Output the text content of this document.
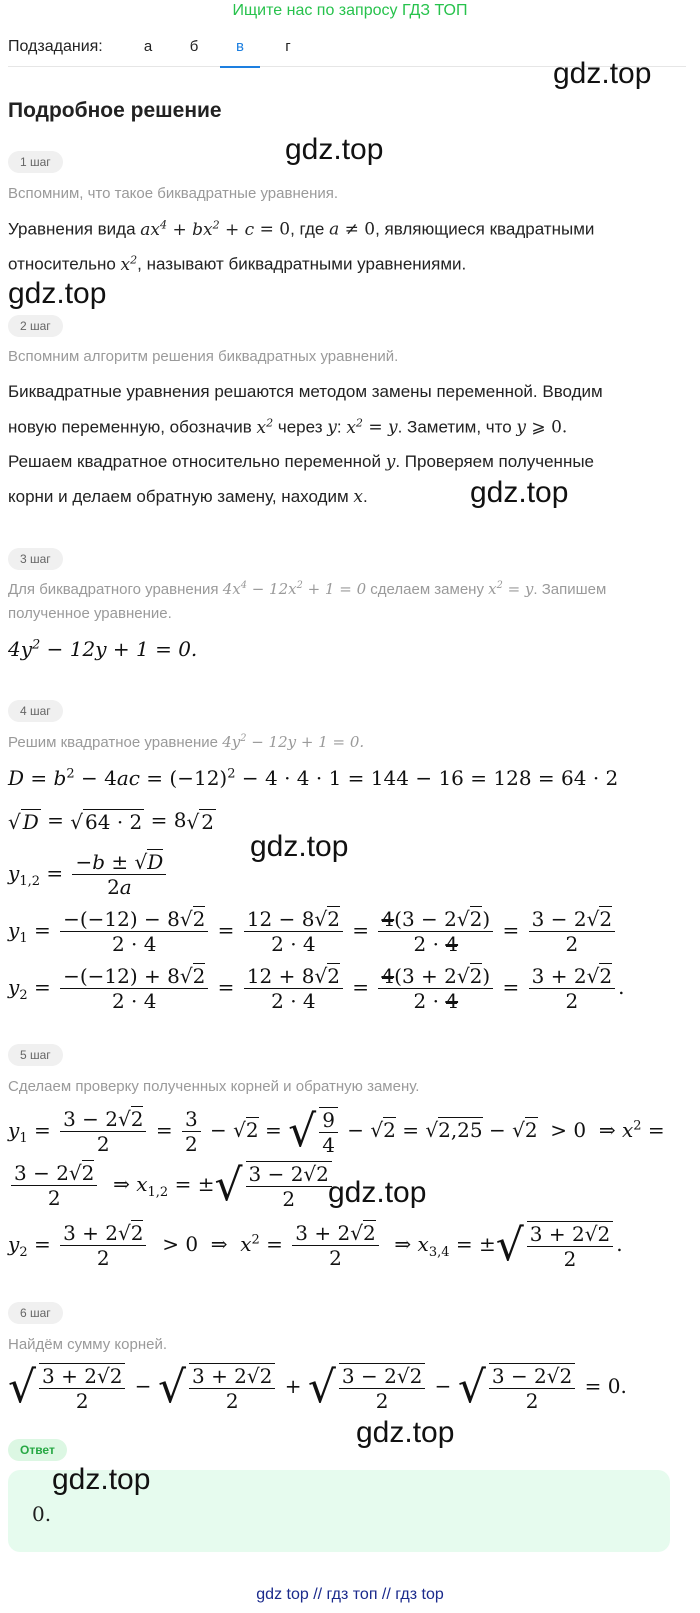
Ищите нас по запросу ГДЗ ТОП
Подзадания:	а	б	в	г
gdz.top
Подробное решение
gdz.top
1 шаг
Вспомним, что такое биквадратные уравнения.
Уравнения вида $ax^4 + bx^2 + c = 0$, где a ≠ 0, являющиеся квадратными
относительно $x^2$, называют биквадратными уравнениями.
gdz.top
2 шаг
Вспомним алгоритм решения биквадратных уравнений.
Биквадратные уравнения решаются методом замены переменной. Вводим
новую переменную, обозначив $x^2$ через y: $x^2 = y$. Заметим, что y ⩾ 0.
Решаем квадратное относительно переменной y. Проверяем полученные
корни и делаем обратную замену, находим x.	gdz.top
3 шаг
Для биквадратного уравнения $4x^4 - 12x^2 + 1 = 0$ сделаем замену $x^2 = y$. Запишем
полученное уравнение.
$4y^2 - 12y + 1 = 0$.
4 шаг
Решим квадратное уравнение $4y^2 - 12y + 1 = 0$.
$D = b^2 - 4ac = (-12)^2 - 4 \cdot 4 \cdot 1 = 144 - 16 = 128 = 64 \cdot 2$
√ D = √ 64 · 2 = 8√ 2
gdz.top
$y_{1,2} = \frac{-b \pm √D}{2a}$
$y_1 = \frac{-(-12) - 8√2}{2 \cdot 4} = \frac{12 - 8√2}{2 \cdot 4} = \frac{4(3 - 2√2)}{2 \cdot 4} = \frac{3 - 2√2}{2}$
$y_2 = \frac{-(-12) + 8√2}{2 \cdot 4} = \frac{12 + 8√2}{2 \cdot 4} = \frac{4(3 + 2√2)}{2 \cdot 4} = \frac{3 + 2√2}{2}$ .
5 шаг
Сделаем проверку полученных корней и обратную замену.
$y_1 = \frac{3 - 2√2}{2} = \frac{3}{2} - √2$ = √ $\frac{9}{4} - √2 = √2,25 - √2 > 0$  ⇒ $x^2$ =
$\frac{3 - 2√2}{2}$ ⇒ $x_{1,2}$ = ±√ $\frac{3 - 2√2}{2}$
gdz.top
$y_2 = \frac{3 + 2√2}{2} > 0$  ⇒  $x^2 = \frac{3 + 2√2}{2}$ ⇒ $x_{3,4}$ = ±√ $\frac{3 + 2√2}{2}$ .
6 шаг
Найдём сумму корней.
√ $\frac{3 + 2√2}{2}$ − √ $\frac{3 + 2√2}{2}$ + √ $\frac{3 - 2√2}{2}$ − √ $\frac{3 - 2√2}{2} = 0$.
gdz.top
Ответ
0.
gdz.top
gdz top // гдз топ // гдз top
